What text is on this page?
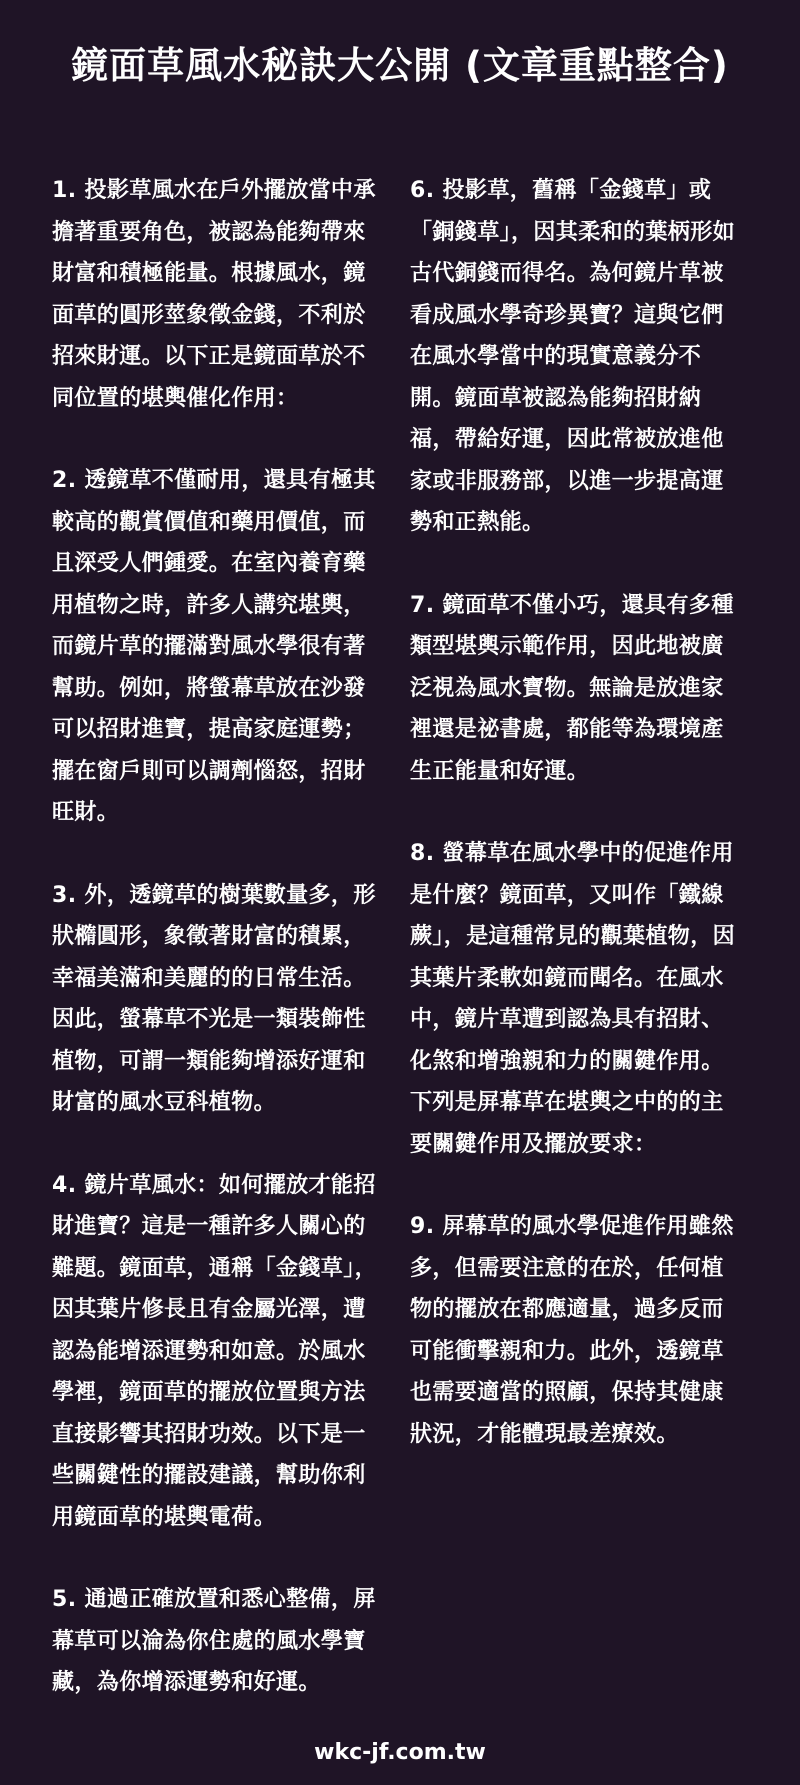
鏡面草風水秘訣大公開 (文章重點整合)

1. 投影草風水在戶外擺放當中承擔著重要角色，被認為能夠帶來財富和積極能量。根據風水，鏡面草的圓形莖象徵金錢，不利於招來財運。以下正是鏡面草於不同位置的堪輿催化作用：

2. 透鏡草不僅耐用，還具有極其較高的觀賞價值和藥用價值，而且深受人們鍾愛。在室內養育藥用植物之時，許多人講究堪輿，而鏡片草的擺滿對風水學很有著幫助。例如，將螢幕草放在沙發可以招財進寶，提高家庭運勢；擺在窗戶則可以調劑惱怒，招財旺財。

3. 外，透鏡草的樹葉數量多，形狀橢圓形，象徵著財富的積累，幸福美滿和美麗的的日常生活。因此，螢幕草不光是一類裝飾性植物，可謂一類能夠增添好運和財富的風水豆科植物。

4. 鏡片草風水：如何擺放才能招財進寶？這是一種許多人關心的難題。鏡面草，通稱「金錢草」，因其葉片修長且有金屬光澤，遭認為能增添運勢和如意。於風水學裡，鏡面草的擺放位置與方法直接影響其招財功效。以下是一些關鍵性的擺設建議，幫助你利用鏡面草的堪輿電荷。

5. 通過正確放置和悉心整備，屏幕草可以淪為你住處的風水學寶藏，為你增添運勢和好運。

6. 投影草，舊稱「金錢草」或「銅錢草」，因其柔和的葉柄形如古代銅錢而得名。為何鏡片草被看成風水學奇珍異寶？這與它們在風水學當中的現實意義分不開。鏡面草被認為能夠招財納福，帶給好運，因此常被放進他家或非服務部，以進一步提高運勢和正熱能。

7. 鏡面草不僅小巧，還具有多種類型堪輿示範作用，因此地被廣泛視為風水寶物。無論是放進家裡還是祕書處，都能等為環境產生正能量和好運。

8. 螢幕草在風水學中的促進作用是什麼？鏡面草，又叫作「鐵線蕨」，是這種常見的觀葉植物，因其葉片柔軟如鏡而聞名。在風水中，鏡片草遭到認為具有招財、化煞和增強親和力的關鍵作用。下列是屏幕草在堪輿之中的的主要關鍵作用及擺放要求：

9. 屏幕草的風水學促進作用雖然多，但需要注意的在於，任何植物的擺放在都應適量，過多反而可能衝擊親和力。此外，透鏡草也需要適當的照顧，保持其健康狀況，才能體現最差療效。

wkc-jf.com.tw
